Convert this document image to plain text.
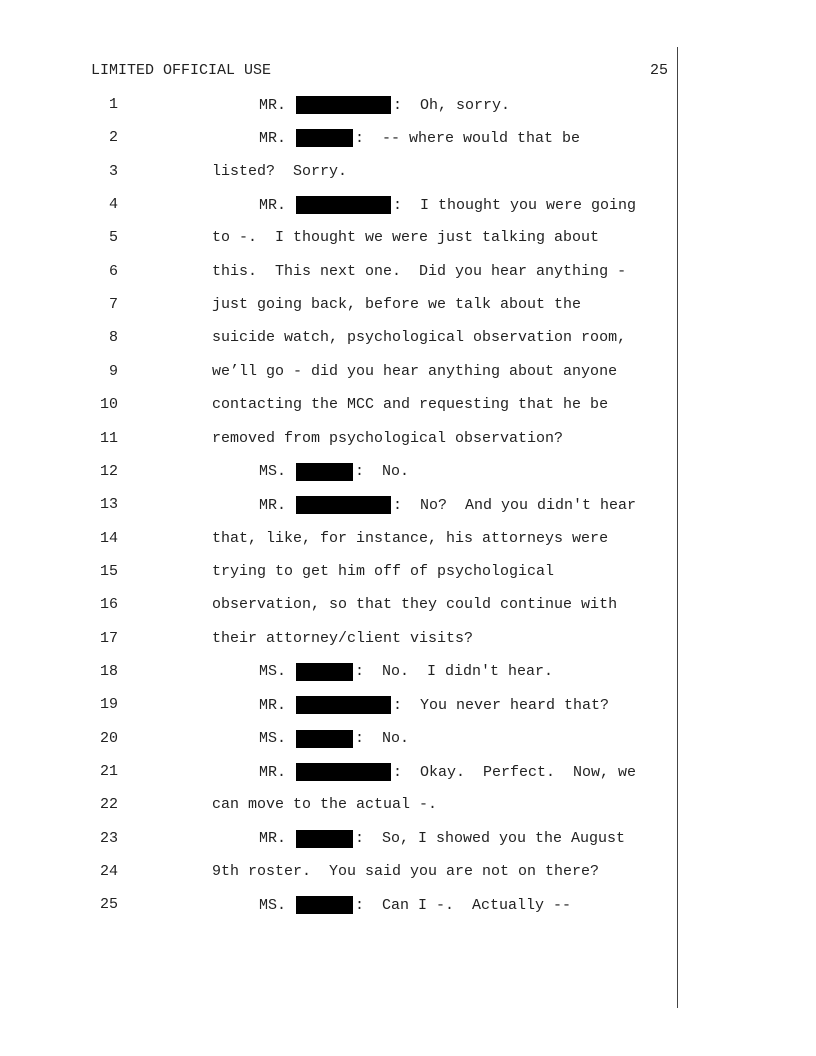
LIMITED OFFICIAL USE	25
1	MR.	:  Oh, sorry.
2	MR.	:  -- where would that be
3	listed?  Sorry.
4	MR.	:  I thought you were going
5	to -.  I thought we were just talking about
6	this.  This next one.  Did you hear anything -
7	just going back, before we talk about the
8	suicide watch, psychological observation room,
9	we’ll go - did you hear anything about anyone
10	contacting the MCC and requesting that he be
11	removed from psychological observation?
12	MS.	:  No.
13	MR.	:  No?  And you didn't hear
14	that, like, for instance, his attorneys were
15	trying to get him off of psychological
16	observation, so that they could continue with
17	their attorney/client visits?
18	MS.	:  No.  I didn't hear.
19	MR.	:  You never heard that?
20	MS.	:  No.
21	MR.	:  Okay.  Perfect.  Now, we
22	can move to the actual -.
23	MR.	:  So, I showed you the August
24	9th roster.  You said you are not on there?
25	MS.	:  Can I -.  Actually --
